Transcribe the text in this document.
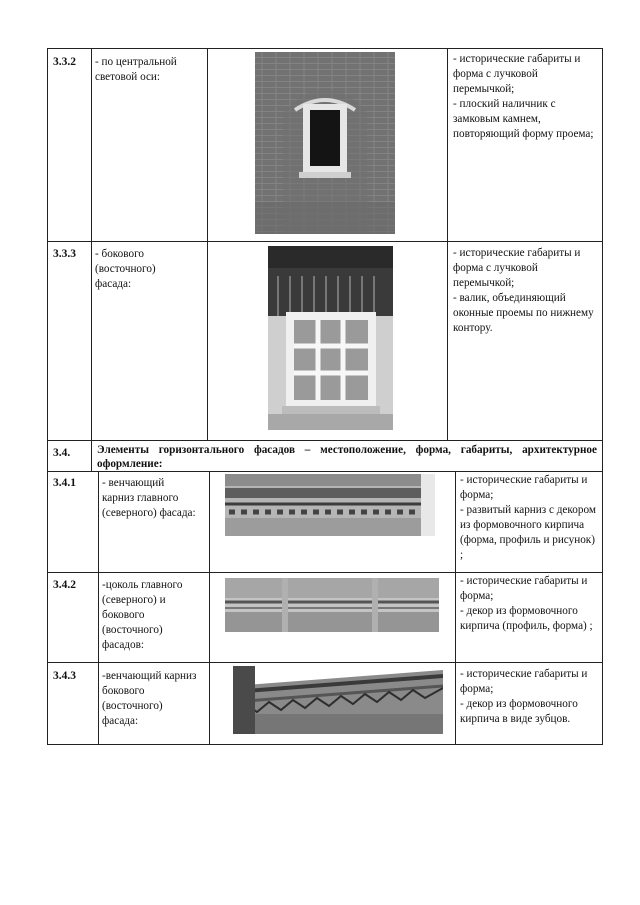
3.3.2 - по центральной световой оси:
- исторические габариты и форма с лучковой перемычкой;
- плоский наличник с замковым камнем, повторяющий форму проема;
3.3.3 - бокового (восточного) фасада:
- исторические габариты и форма с лучковой перемычкой;
- валик, объединяющий оконные проемы по нижнему контору.
3.4. Элементы горизонтального фасадов – местоположение, форма, габариты, архитектурное оформление:
3.4.1 - венчающий карниз главного (северного) фасада:
- исторические габариты и форма;
- развитый карниз с декором из формовочного кирпича (форма, профиль и рисунок) ;
3.4.2 -цоколь главного (северного) и бокового (восточного) фасадов:
- исторические габариты и форма;
- декор из формовочного кирпича (профиль, форма) ;
3.4.3 -венчающий карниз бокового (восточного) фасада:
- исторические габариты и форма;
- декор из формовочного кирпича в виде зубцов.
